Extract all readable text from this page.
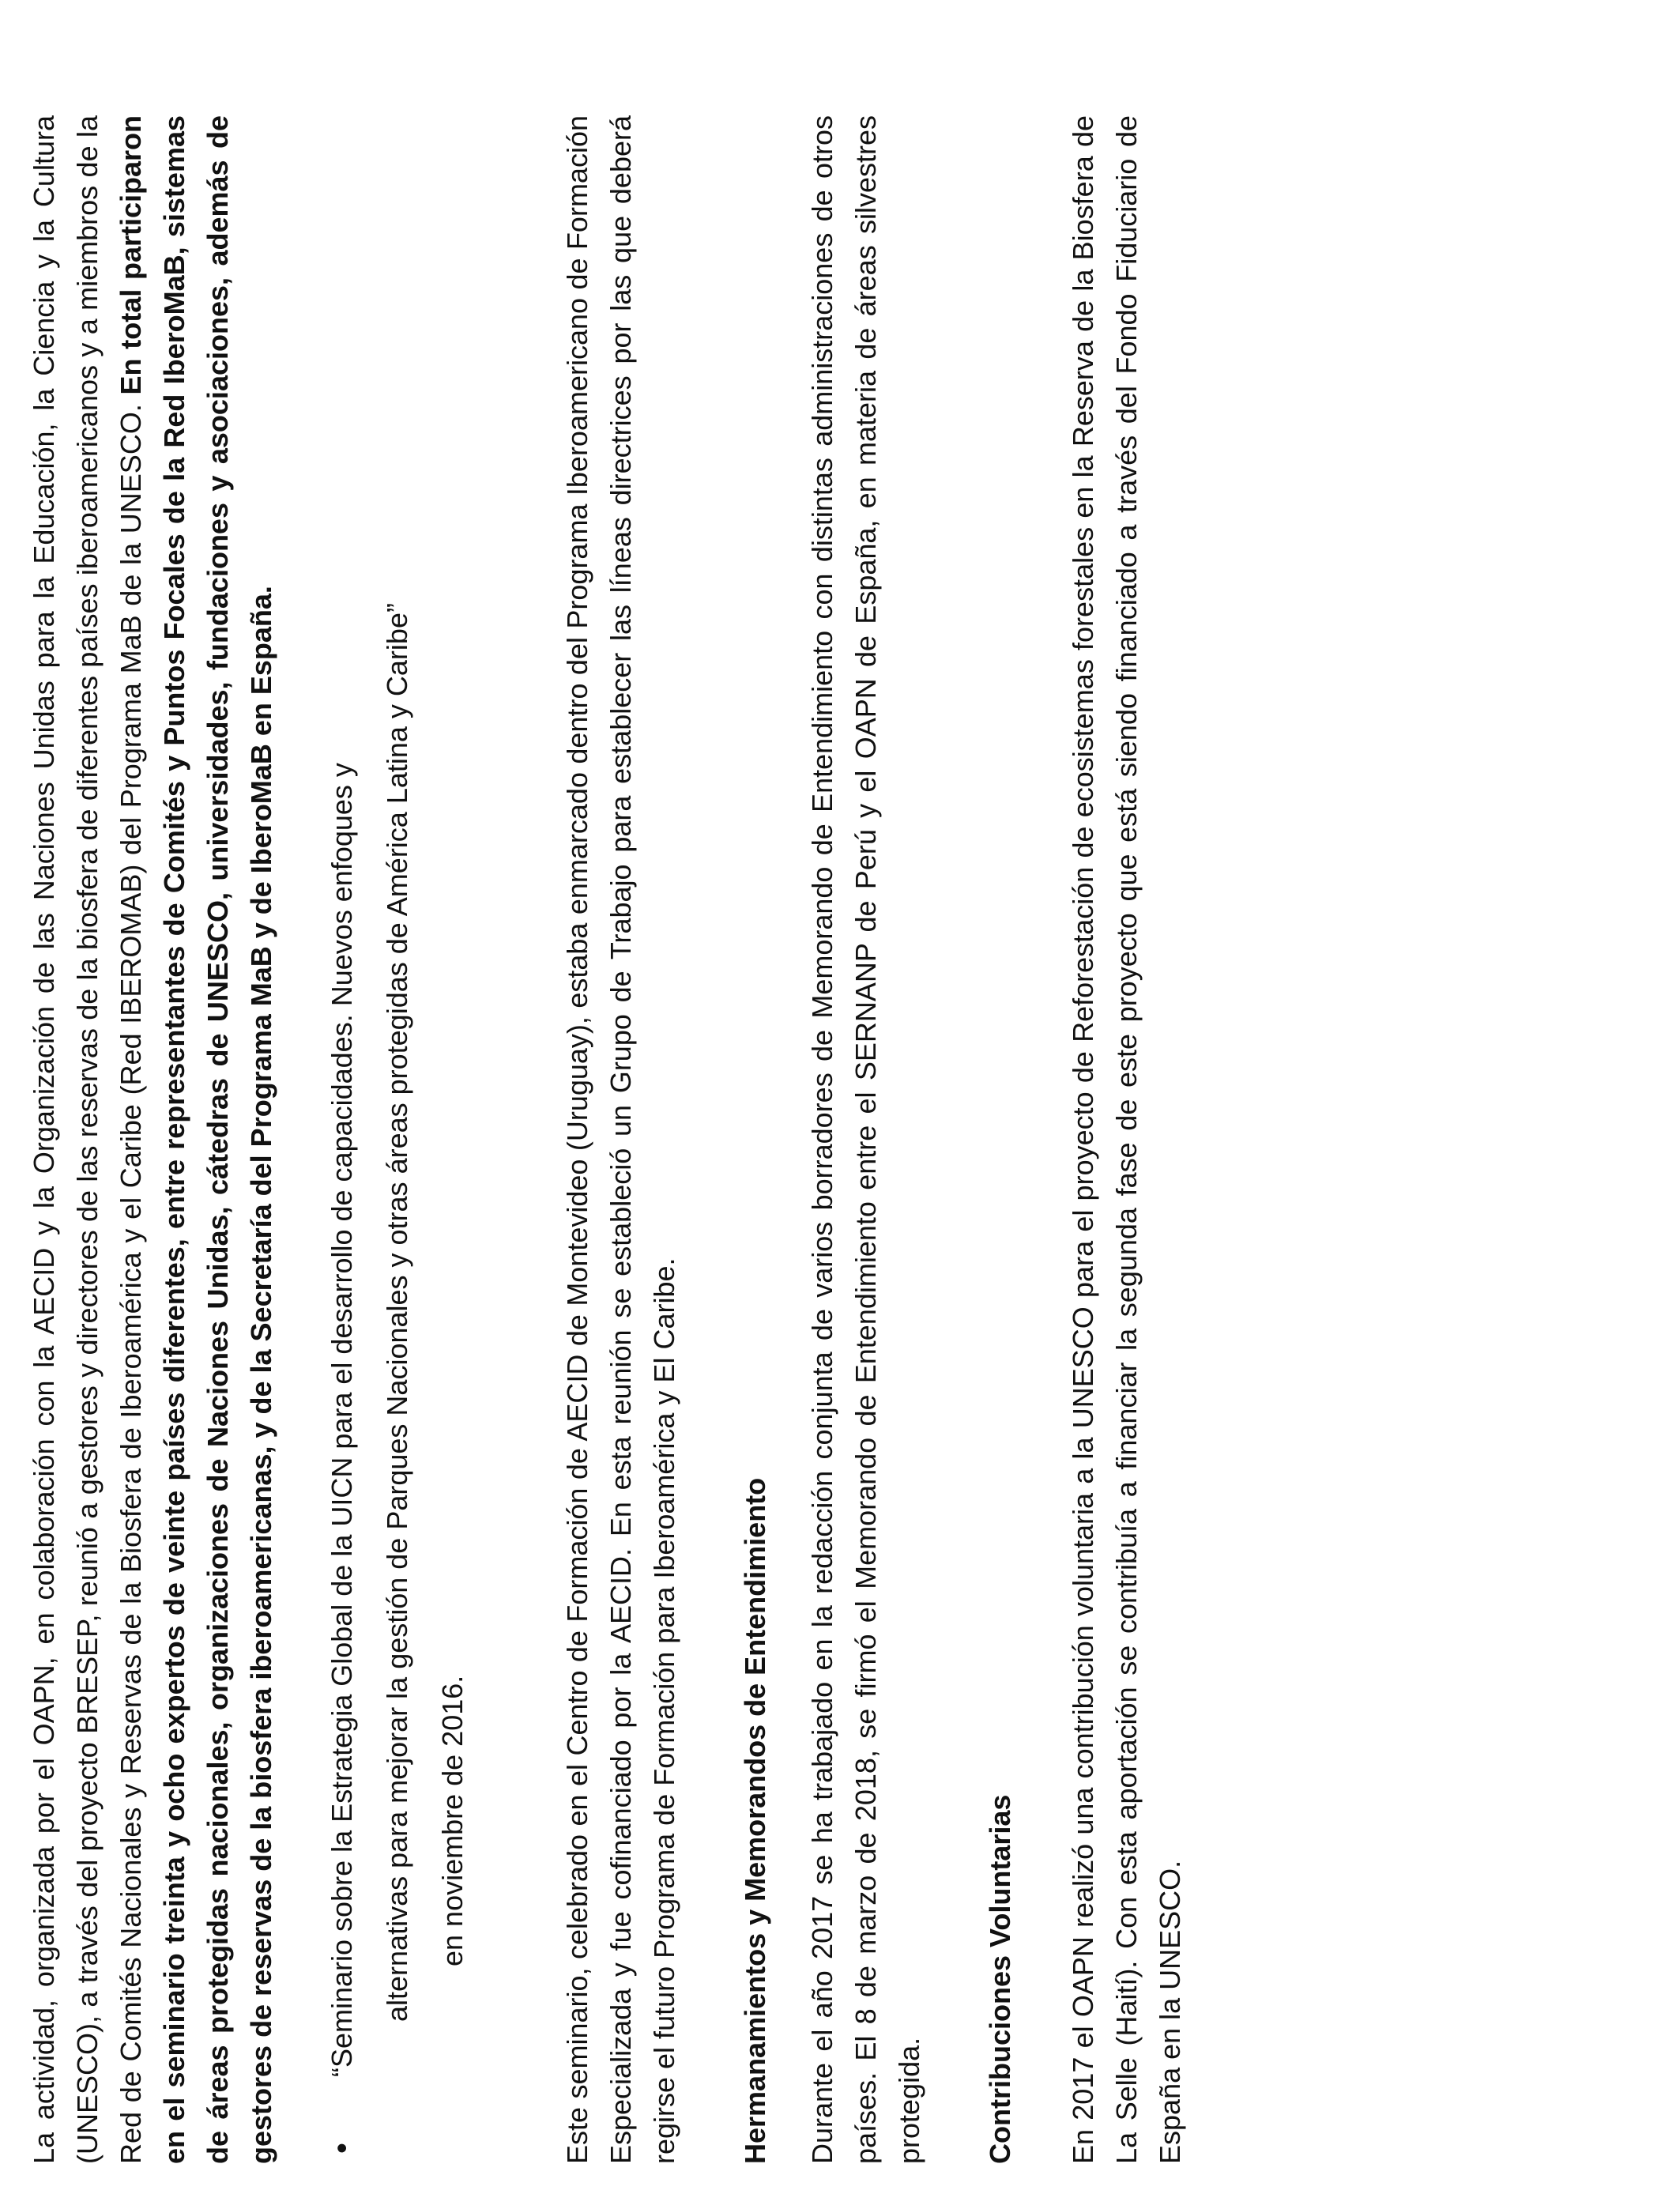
La actividad, organizada por el OAPN, en colaboración con la AECID y la Organización de las Naciones Unidas para la Educación, la Ciencia y la Cultura (UNESCO), a través del proyecto BRESEP, reunió a gestores y directores de las reservas de la biosfera de diferentes países iberoamericanos y a miembros de la Red de Comités Nacionales y Reservas de la Biosfera de Iberoamérica y el Caribe (Red IBEROMAB) del Programa MaB de la UNESCO. En total participaron en el seminario treinta y ocho expertos de veinte países diferentes, entre representantes de Comités y Puntos Focales de la Red IberoMaB, sistemas de áreas protegidas nacionales, organizaciones de Naciones Unidas, cátedras de UNESCO, universidades, fundaciones y asociaciones, además de gestores de reservas de la biosfera iberoamericanas, y de la Secretaría del Programa MaB y de IberoMaB en España.	•
“Seminario sobre la Estrategia Global de la UICN para el desarrollo de capacidades. Nuevos enfoques y alternativas para mejorar la gestión de Parques Nacionales y otras áreas protegidas de América Latina y Caribe” en noviembre de 2016.	Este seminario, celebrado en el Centro de Formación de AECID de Montevideo (Uruguay), estaba enmarcado dentro del Programa Iberoamericano de Formación Especializada y fue cofinanciado por la AECID. En esta reunión se estableció un Grupo de Trabajo para establecer las líneas directrices por las que deberá regirse el futuro Programa de Formación para Iberoamérica y El Caribe. Hermanamientos y Memorandos de Entendimiento Durante el año 2017 se ha trabajado en la redacción conjunta de varios borradores de Memorando de Entendimiento con distintas administraciones de otros países. El 8 de marzo de 2018, se firmó el Memorando de Entendimiento entre el SERNANP de Perú y el OAPN de España, en materia de áreas silvestres protegida. Contribuciones Voluntarias En 2017 el OAPN realizó una contribución voluntaria a la UNESCO para el proyecto de Reforestación de ecosistemas forestales en la Reserva de la Biosfera de La Selle (Haití). Con esta aportación se contribuía a financiar la segunda fase de este proyecto que está siendo financiado a través del Fondo Fiduciario de España en la UNESCO.
